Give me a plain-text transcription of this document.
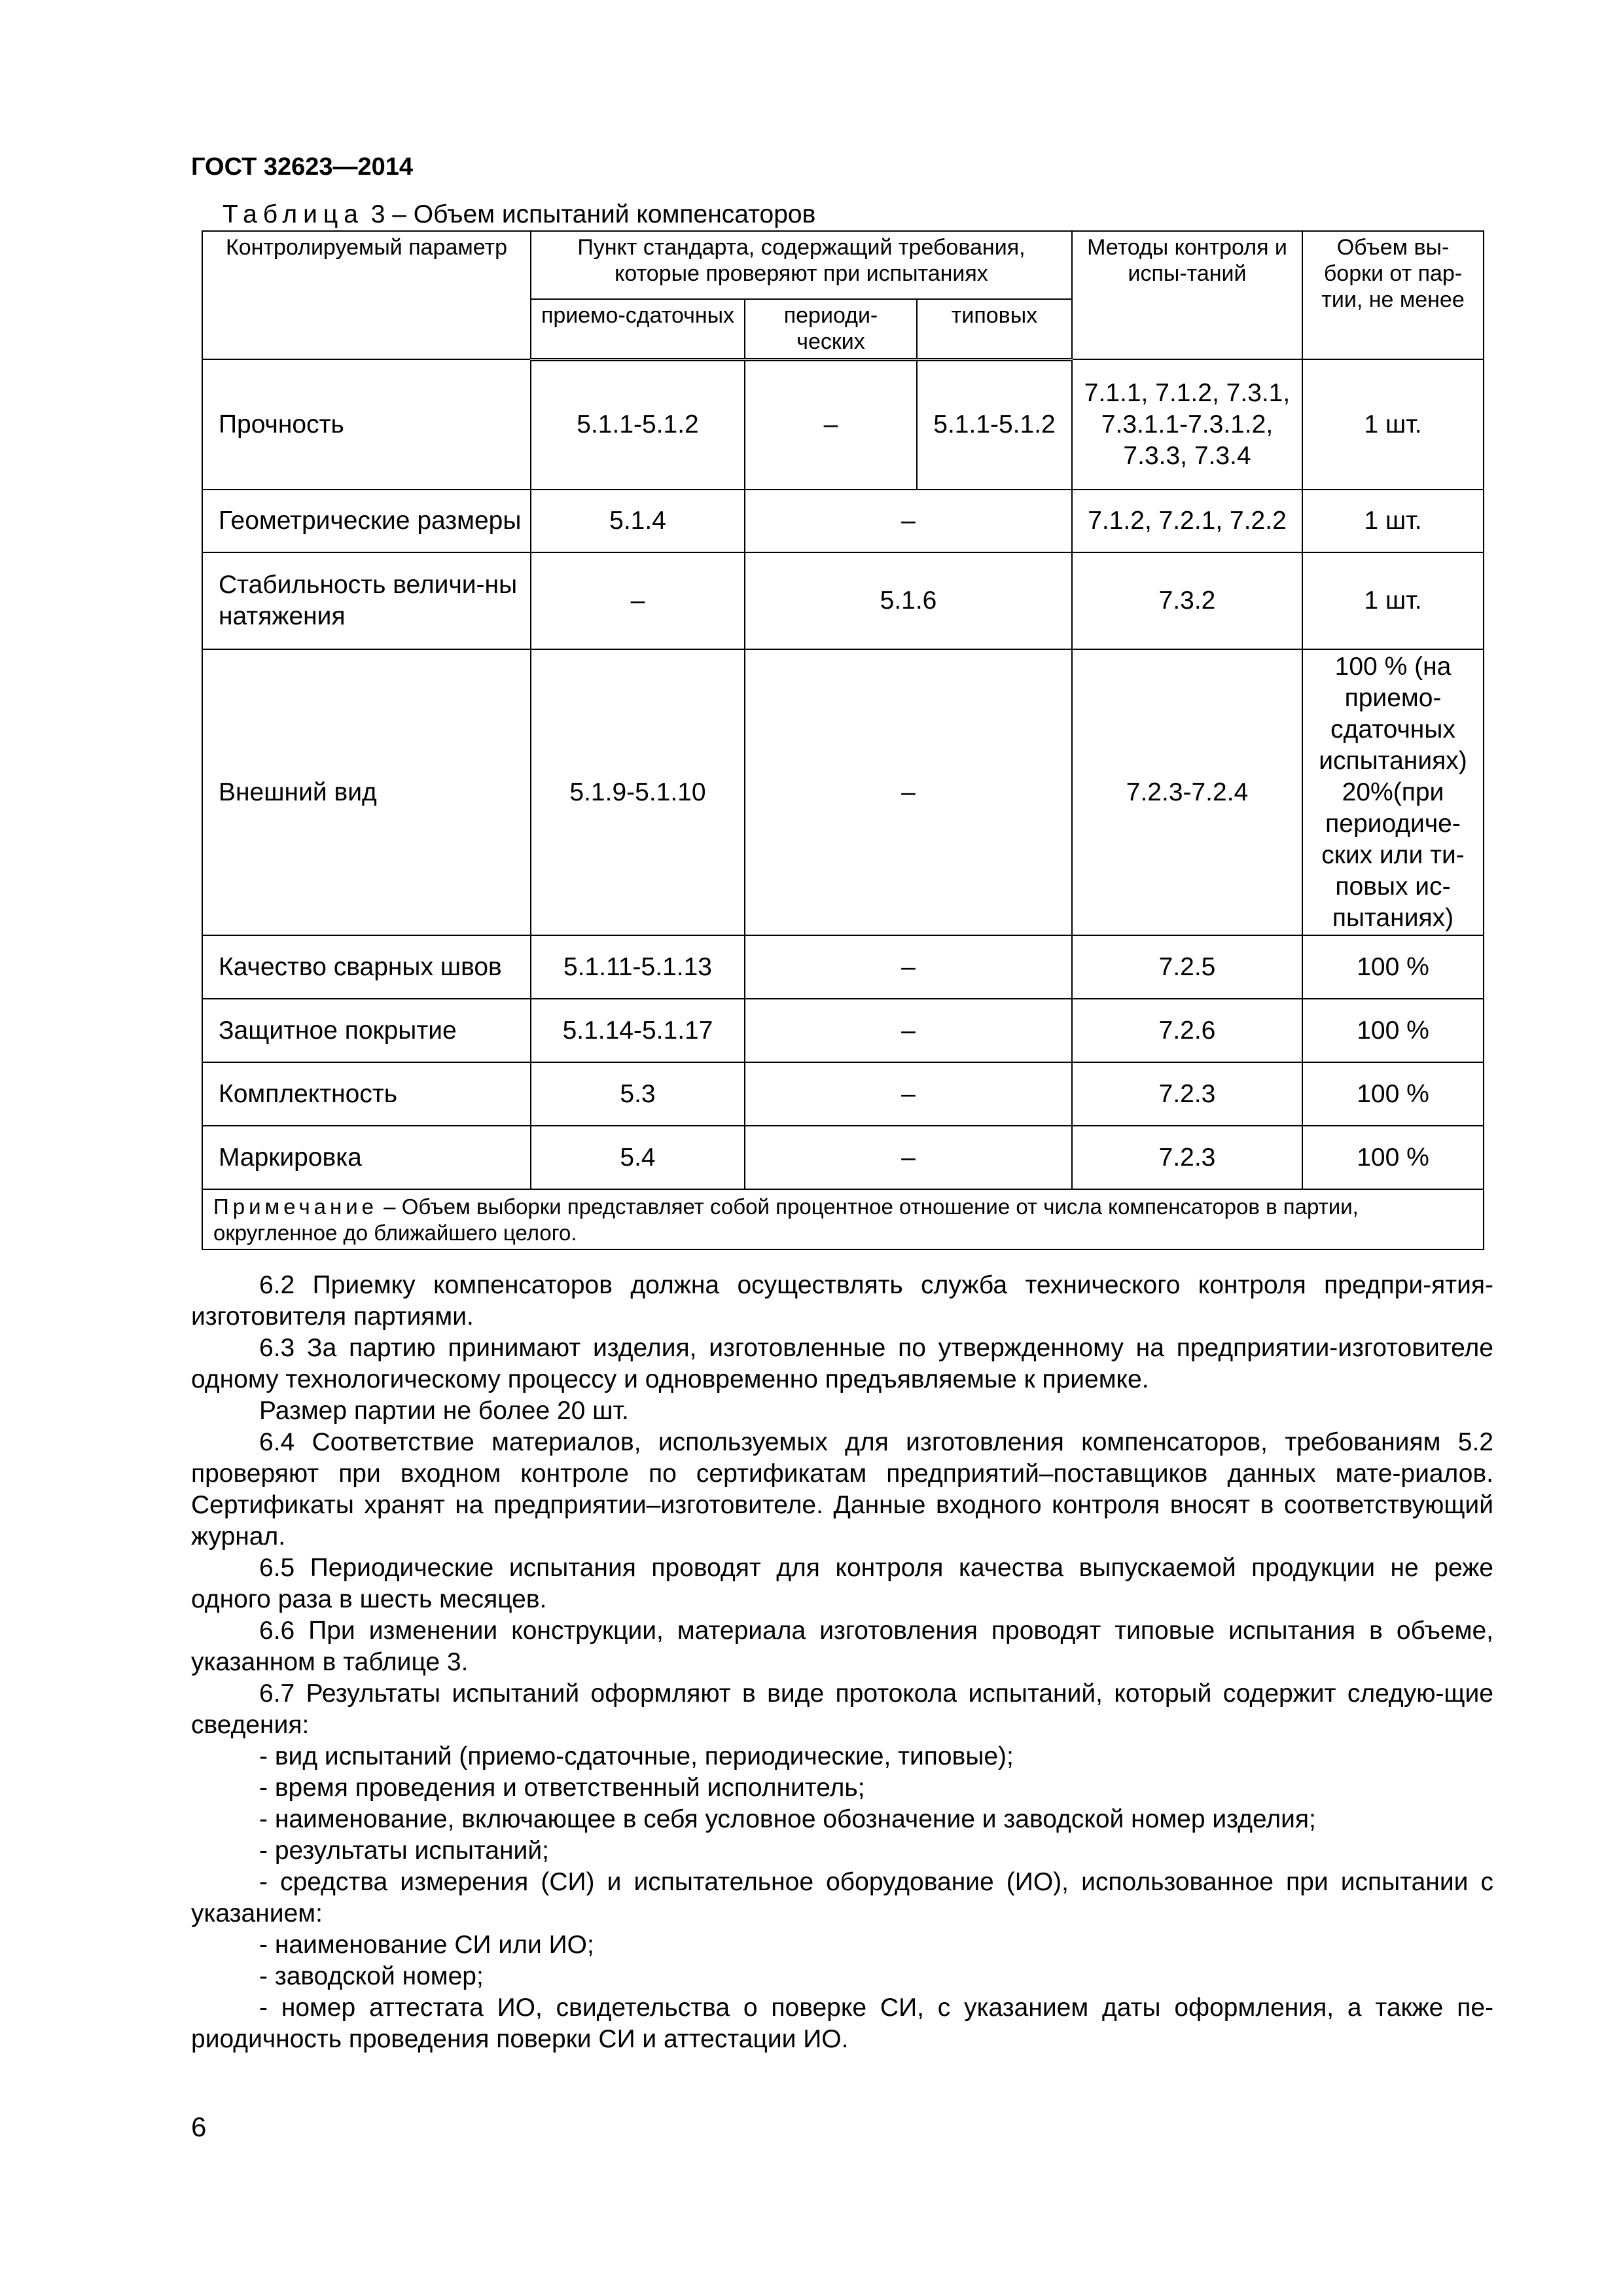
ГОСТ 32623—2014
Таблица 3 – Объем испытаний компенсаторов
Контролируемый параметр	Пункт стандарта, содержащий требования, которые проверяют при испытаниях			Методы контроля и испы-таний	Объем вы-борки от пар-тии, не менее
	приемо-сдаточных	периоди-ческих	типовых		
Прочность	5.1.1-5.1.2	–	5.1.1-5.1.2	7.1.1, 7.1.2, 7.3.1, 7.3.1.1-7.3.1.2, 7.3.3, 7.3.4	1 шт.
Геометрические размеры	5.1.4	–		7.1.2, 7.2.1, 7.2.2	1 шт.
Стабильность величи-ны натяжения	–	5.1.6		7.3.2	1 шт.
Внешний вид	5.1.9-5.1.10	–		7.2.3-7.2.4	100 % (на приемо-сдаточных испытаниях) 20%(при периодиче-ских или ти-повых ис-пытаниях)
Качество сварных швов	5.1.11-5.1.13	–		7.2.5	100 %
Защитное покрытие	5.1.14-5.1.17	–		7.2.6	100 %
Комплектность	5.3	–		7.2.3	100 %
Маркировка	5.4	–		7.2.3	100 %
Примечание – Объем выборки представляет собой процентное отношение от числа компенсаторов в партии, округленное до ближайшего целого.					
6.2 Приемку компенсаторов должна осуществлять служба технического контроля предпри-ятия-изготовителя партиями.
6.3 За партию принимают изделия, изготовленные по утвержденному на предприятии-изготовителе одному технологическому процессу и одновременно предъявляемые к приемке.
Размер партии не более 20 шт.
6.4 Соответствие материалов, используемых для изготовления компенсаторов, требованиям 5.2 проверяют при входном контроле по сертификатам предприятий–поставщиков данных мате-риалов. Сертификаты хранят на предприятии–изготовителе. Данные входного контроля вносят в соответствующий журнал.
6.5 Периодические испытания проводят для контроля качества выпускаемой продукции не реже одного раза в шесть месяцев.
6.6 При изменении конструкции, материала изготовления проводят типовые испытания в объеме, указанном в таблице 3.
6.7 Результаты испытаний оформляют в виде протокола испытаний, который содержит следую-щие сведения:
- вид испытаний (приемо-сдаточные, периодические, типовые);
- время проведения и ответственный исполнитель;
- наименование, включающее в себя условное обозначение и заводской номер изделия;
- результаты испытаний;
- средства измерения (СИ) и испытательное оборудование (ИО), использованное при испытании с указанием:
- наименование СИ или ИО;
- заводской номер;
- номер аттестата ИО, свидетельства о поверке СИ, с указанием даты оформления, а также пе-риодичность проведения поверки СИ и аттестации ИО.
6
